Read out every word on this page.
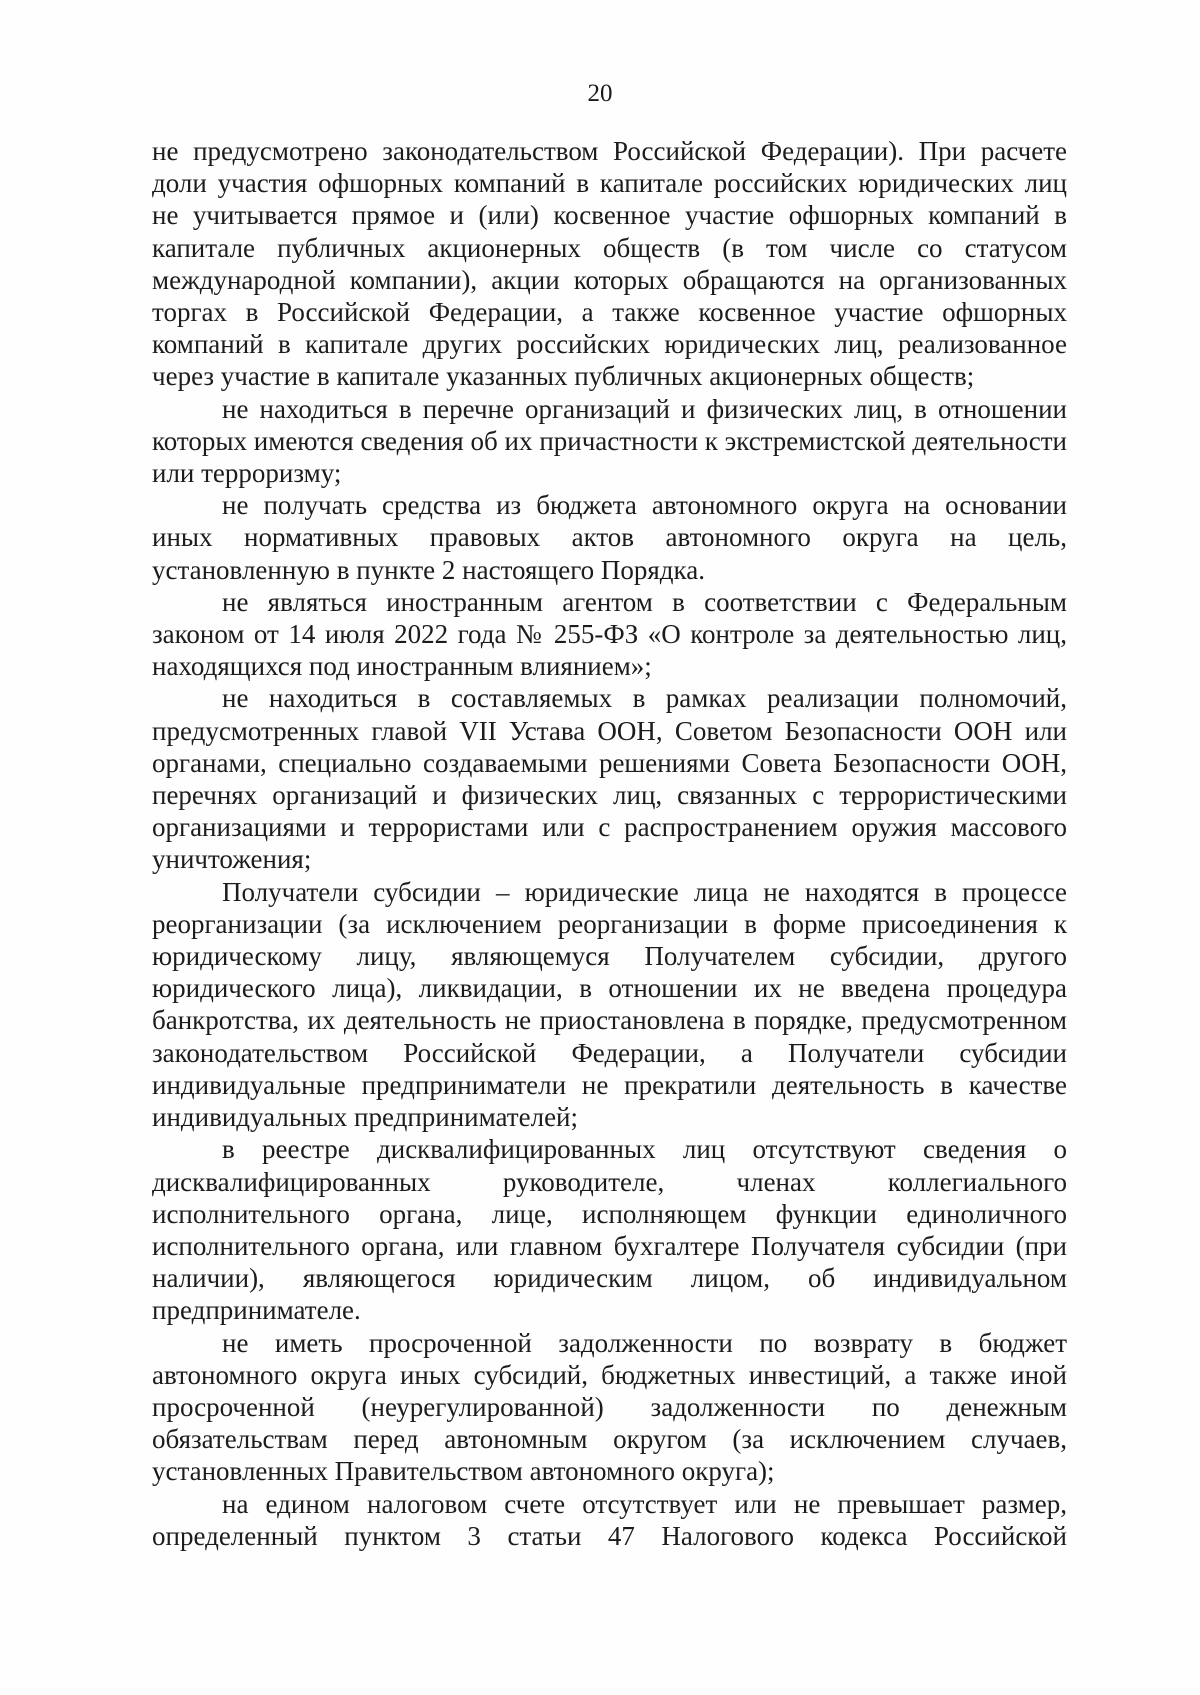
20

не предусмотрено законодательством Российской Федерации). При расчете доли участия офшорных компаний в капитале российских юридических лиц не учитывается прямое и (или) косвенное участие офшорных компаний в капитале публичных акционерных обществ (в том числе со статусом международной компании), акции которых обращаются на организованных торгах в Российской Федерации, а также косвенное участие офшорных компаний в капитале других российских юридических лиц, реализованное через участие в капитале указанных публичных акционерных обществ;

не находиться в перечне организаций и физических лиц, в отношении которых имеются сведения об их причастности к экстремистской деятельности или терроризму;

не получать средства из бюджета автономного округа на основании иных нормативных правовых актов автономного округа на цель, установленную в пункте 2 настоящего Порядка.

не являться иностранным агентом в соответствии с Федеральным законом от 14 июля 2022 года № 255-ФЗ «О контроле за деятельностью лиц, находящихся под иностранным влиянием»;

не находиться в составляемых в рамках реализации полномочий, предусмотренных главой VII Устава ООН, Советом Безопасности ООН или органами, специально создаваемыми решениями Совета Безопасности ООН, перечнях организаций и физических лиц, связанных с террористическими организациями и террористами или с распространением оружия массового уничтожения;

Получатели субсидии – юридические лица не находятся в процессе реорганизации (за исключением реорганизации в форме присоединения к юридическому лицу, являющемуся Получателем субсидии, другого юридического лица), ликвидации, в отношении их не введена процедура банкротства, их деятельность не приостановлена в порядке, предусмотренном законодательством Российской Федерации, а Получатели субсидии индивидуальные предприниматели не прекратили деятельность в качестве индивидуальных предпринимателей;

в реестре дисквалифицированных лиц отсутствуют сведения о дисквалифицированных руководителе, членах коллегиального исполнительного органа, лице, исполняющем функции единоличного исполнительного органа, или главном бухгалтере Получателя субсидии (при наличии), являющегося юридическим лицом, об индивидуальном предпринимателе.

не иметь просроченной задолженности по возврату в бюджет автономного округа иных субсидий, бюджетных инвестиций, а также иной просроченной (неурегулированной) задолженности по денежным обязательствам перед автономным округом (за исключением случаев, установленных Правительством автономного округа);

на едином налоговом счете отсутствует или не превышает размер, определенный пунктом 3 статьи 47 Налогового кодекса Российской
